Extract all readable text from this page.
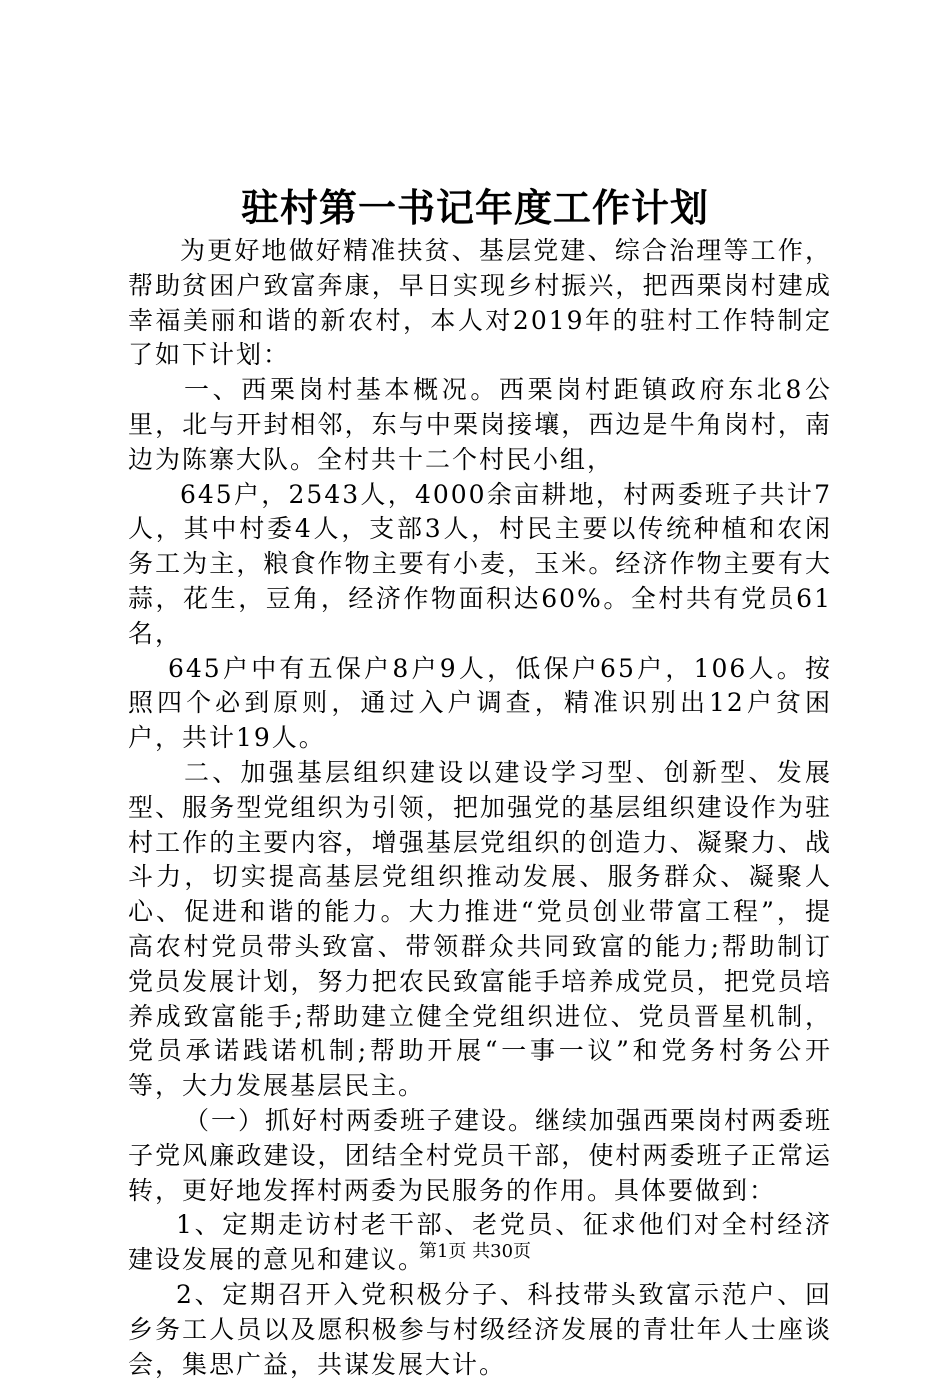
驻村第一书记年度工作计划

为更好地做好精准扶贫、基层党建、综合治理等工作，帮助贫困户致富奔康，早日实现乡村振兴，把西栗岗村建成幸福美丽和谐的新农村，本人对2019年的驻村工作特制定了如下计划：

一、西栗岗村基本概况。西栗岗村距镇政府东北8公里，北与开封相邻，东与中栗岗接壤，西边是牛角岗村，南边为陈寨大队。全村共十二个村民小组，

645户，2543人，4000余亩耕地，村两委班子共计7人，其中村委4人，支部3人，村民主要以传统种植和农闲务工为主，粮食作物主要有小麦，玉米。经济作物主要有大蒜，花生，豆角，经济作物面积达60%。全村共有党员61名，

645户中有五保户8户9人，低保户65户，106人。按照四个必到原则，通过入户调查，精准识别出12户贫困户，共计19人。

二、加强基层组织建设以建设学习型、创新型、发展型、服务型党组织为引领，把加强党的基层组织建设作为驻村工作的主要内容，增强基层党组织的创造力、凝聚力、战斗力，切实提高基层党组织推动发展、服务群众、凝聚人心、促进和谐的能力。大力推进“党员创业带富工程”，提高农村党员带头致富、带领群众共同致富的能力;帮助制订党员发展计划，努力把农民致富能手培养成党员，把党员培养成致富能手;帮助建立健全党组织进位、党员晋星机制，党员承诺践诺机制;帮助开展“一事一议”和党务村务公开等，大力发展基层民主。

（一）抓好村两委班子建设。继续加强西栗岗村两委班子党风廉政建设，团结全村党员干部，使村两委班子正常运转，更好地发挥村两委为民服务的作用。具体要做到：

1、定期走访村老干部、老党员、征求他们对全村经济建设发展的意见和建议。

2、定期召开入党积极分子、科技带头致富示范户、回乡务工人员以及愿积极参与村级经济发展的青壮年人士座谈会，集思广益，共谋发展大计。

第1页 共30页
